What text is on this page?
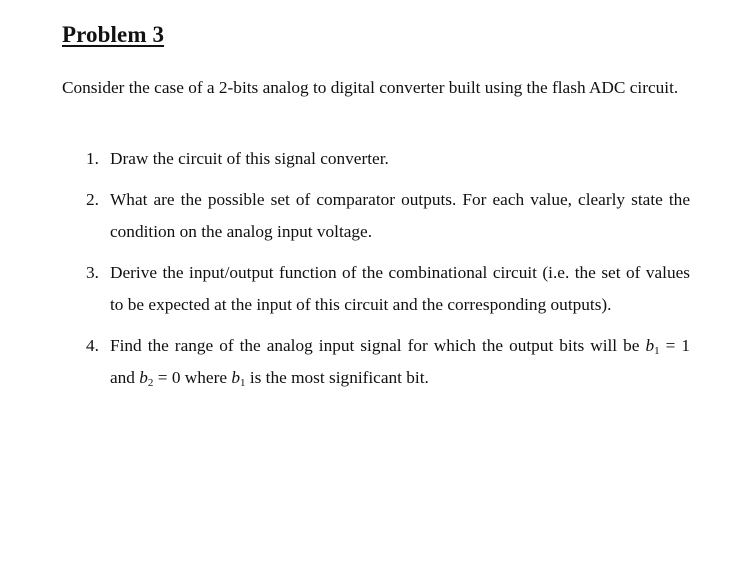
Problem 3
Consider the case of a 2-bits analog to digital converter built using the flash ADC circuit.
1. Draw the circuit of this signal converter.
2. What are the possible set of comparator outputs. For each value, clearly state the condition on the analog input voltage.
3. Derive the input/output function of the combinational circuit (i.e. the set of values to be expected at the input of this circuit and the corresponding outputs).
4. Find the range of the analog input signal for which the output bits will be $b_1 = 1$ and $b_2 = 0$ where $b_1$ is the most significant bit.
